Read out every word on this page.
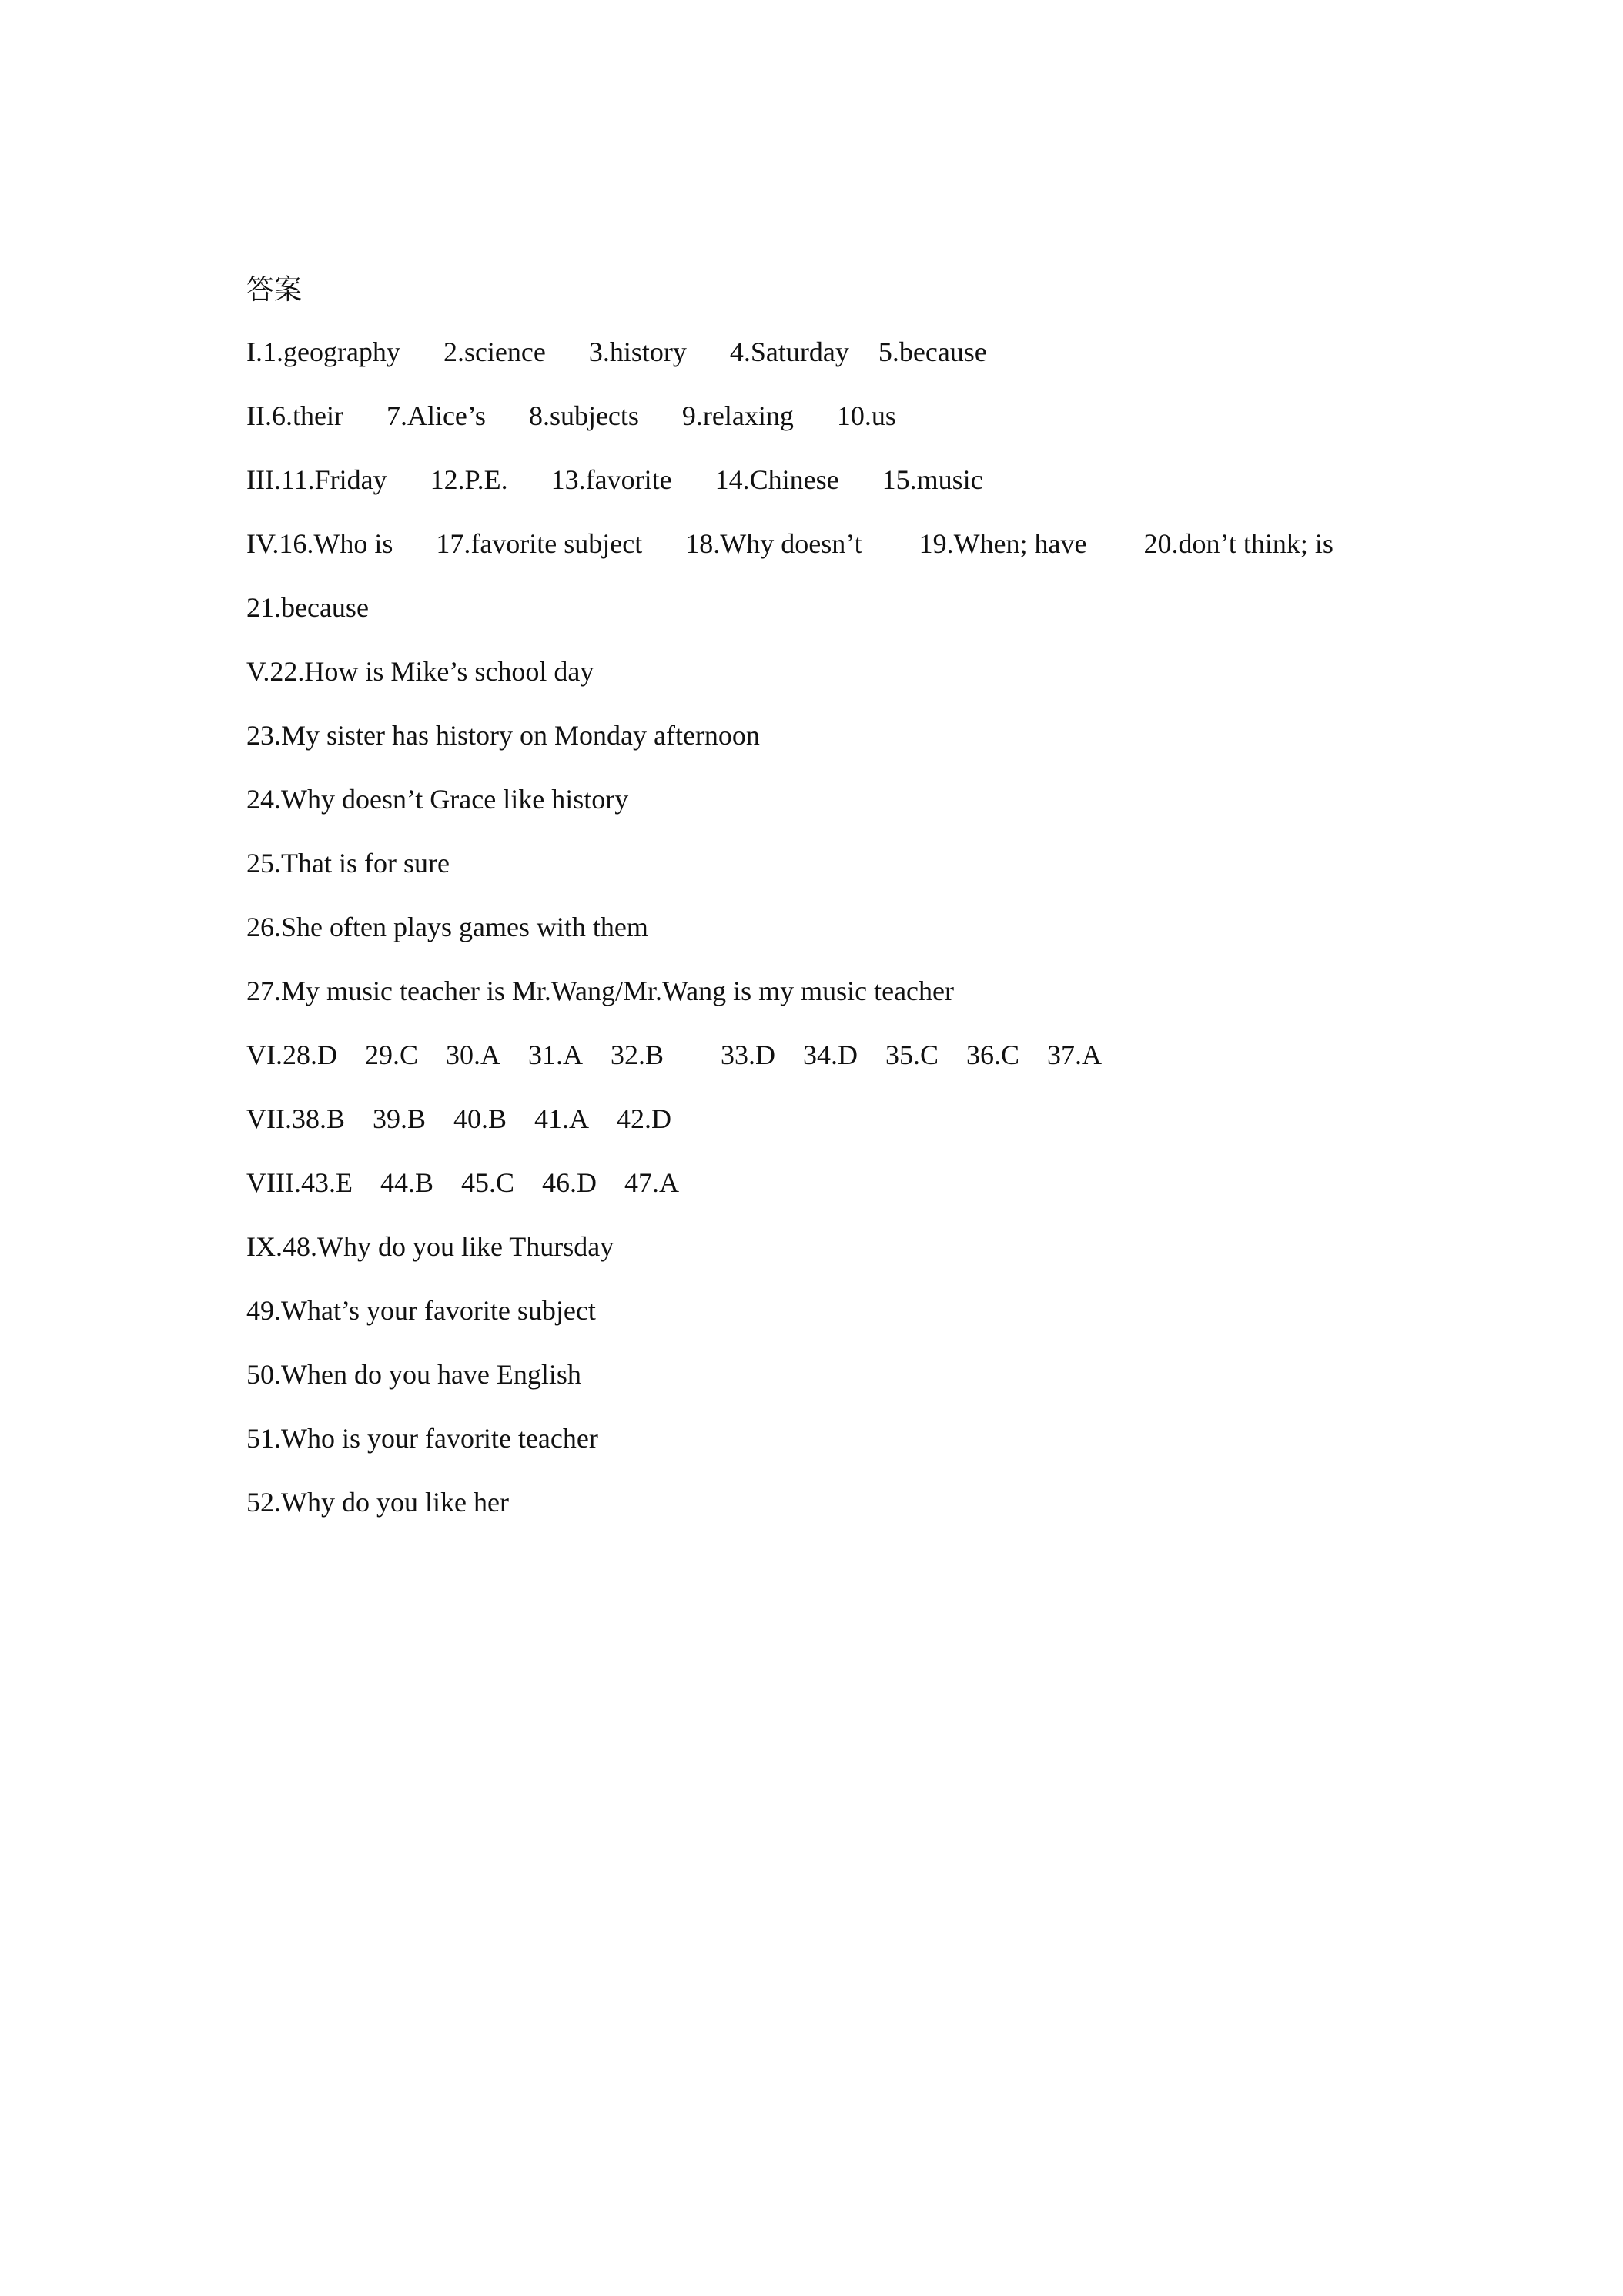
答案
I.1.geography 2.science 3.history 4.Saturday 5.because
II.6.their 7.Alice’s 8.subjects 9.relaxing 10.us
III.11.Friday 12.P.E. 13.favorite 14.Chinese 15.music
IV.16.Who is 17.favorite subject 18.Why doesn’t 19.When; have 20.don’t think; is
21.because
V.22.How is Mike’s school day
23.My sister has history on Monday afternoon
24.Why doesn’t Grace like history
25.That is for sure
26.She often plays games with them
27.My music teacher is Mr.Wang/Mr.Wang is my music teacher
VI.28.D 29.C 30.A 31.A 32.B 33.D 34.D 35.C 36.C 37.A
VII.38.B 39.B 40.B 41.A 42.D
VIII.43.E 44.B 45.C 46.D 47.A
IX.48.Why do you like Thursday
49.What’s your favorite subject
50.When do you have English
51.Who is your favorite teacher
52.Why do you like her
